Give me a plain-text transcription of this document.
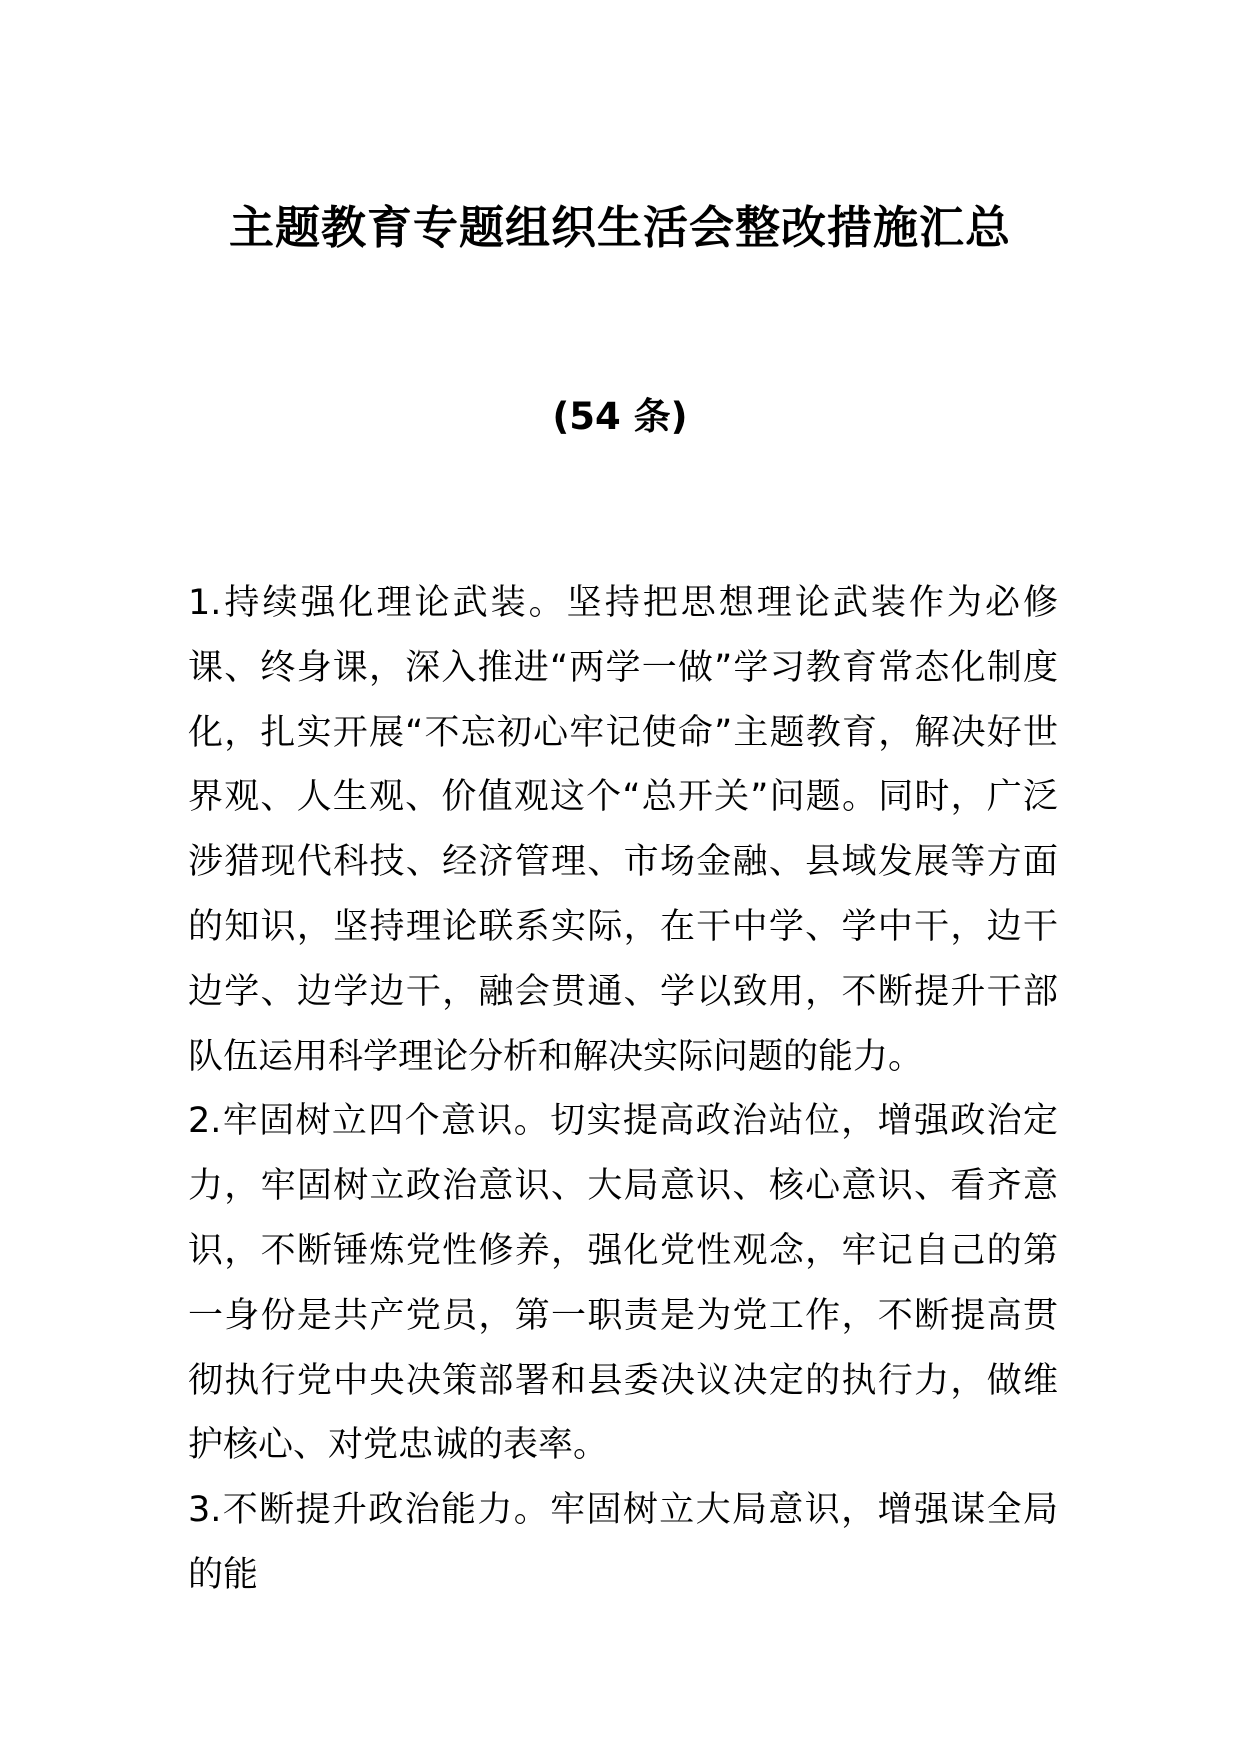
主题教育专题组织生活会整改措施汇总
(54 条)

1.持续强化理论武装。坚持把思想理论武装作为必修课、终身课，深入推进“两学一做”学习教育常态化制度化，扎实开展“不忘初心牢记使命”主题教育，解决好世界观、人生观、价值观这个“总开关”问题。同时，广泛涉猎现代科技、经济管理、市场金融、县域发展等方面的知识，坚持理论联系实际，在干中学、学中干，边干边学、边学边干，融会贯通、学以致用，不断提升干部队伍运用科学理论分析和解决实际问题的能力。

2.牢固树立四个意识。切实提高政治站位，增强政治定力，牢固树立政治意识、大局意识、核心意识、看齐意识，不断锤炼党性修养，强化党性观念，牢记自己的第一身份是共产党员，第一职责是为党工作，不断提高贯彻执行党中央决策部署和县委决议决定的执行力，做维护核心、对党忠诚的表率。

3.不断提升政治能力。牢固树立大局意识，增强谋全局的能
